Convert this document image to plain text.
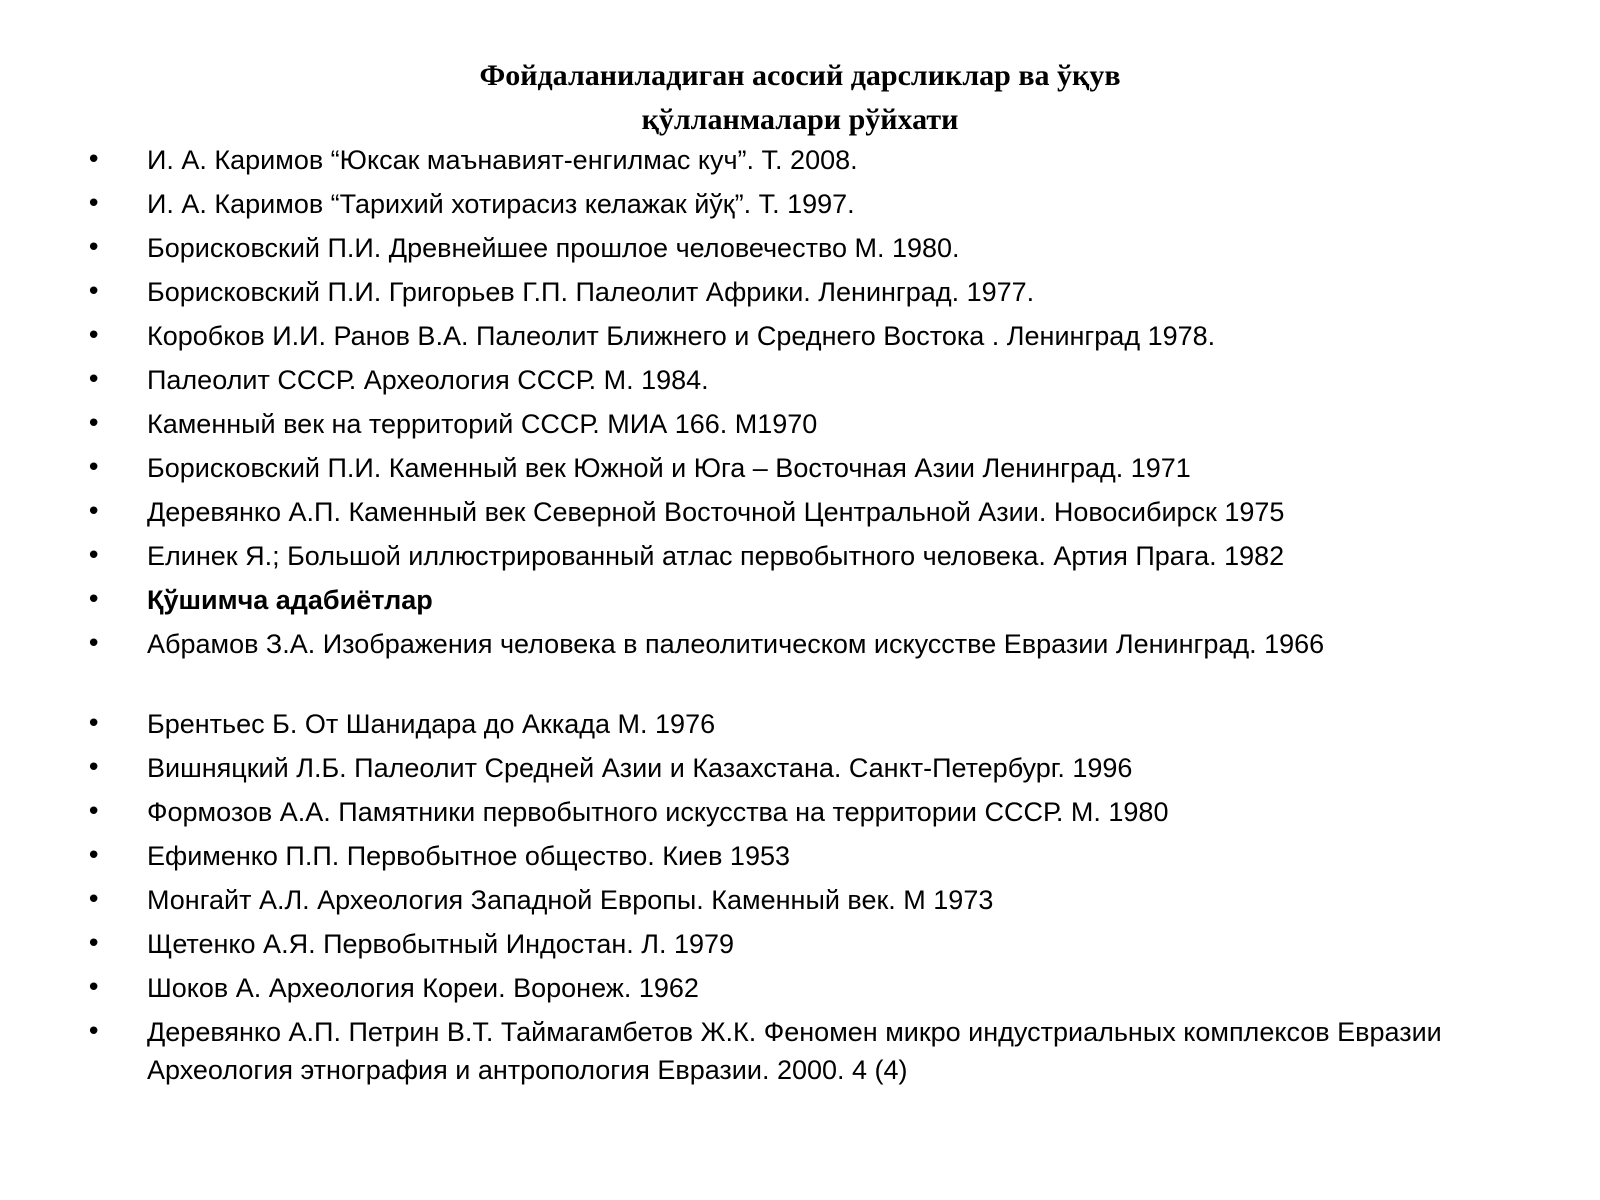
Фойдаланиладиган асосий дарсликлар ва ўқув
қўлланмалари рўйхати
• И. А. Каримов “Юксак маънавият-енгилмас куч”. Т. 2008.
• И. А. Каримов “Тарихий хотирасиз келажак йўқ”. Т. 1997.
• Борисковский П.И. Древнейшее прошлое человечество М. 1980.
• Борисковский П.И. Григорьев Г.П. Палеолит Африки. Ленинград. 1977.
• Коробков И.И. Ранов В.А. Палеолит Ближнего и Среднего Востока . Ленинград 1978.
• Палеолит СССР. Археология СССР. М. 1984.
• Каменный век на территорий СССР. МИА 166. М1970
• Борисковский П.И. Каменный век Южной и Юга – Восточная Азии Ленинград. 1971
• Деревянко А.П. Каменный век Северной Восточной Центральной Азии. Новосибирск 1975
• Елинек Я.; Большой иллюстрированный атлас первобытного человека. Артия Прага. 1982
• Қўшимча адабиётлар
• Абрамов З.А. Изображения человека в палеолитическом искусстве Евразии Ленинград. 1966
• Брентьес Б. От Шанидара до Аккада М. 1976
• Вишняцкий Л.Б. Палеолит Средней Азии и Казахстана. Санкт-Петербург. 1996
• Формозов А.А. Памятники первобытного искусства на территории СССР. М. 1980
• Ефименко П.П. Первобытное общество. Киев 1953
• Монгайт А.Л. Археология Западной Европы. Каменный век. М 1973
• Щетенко А.Я. Первобытный Индостан. Л. 1979
• Шоков А. Археология Кореи. Воронеж. 1962
• Деревянко А.П. Петрин В.Т. Таймагамбетов Ж.К. Феномен микро индустриальных комплексов Евразии Археология этнография и антропология Евразии. 2000. 4 (4)
